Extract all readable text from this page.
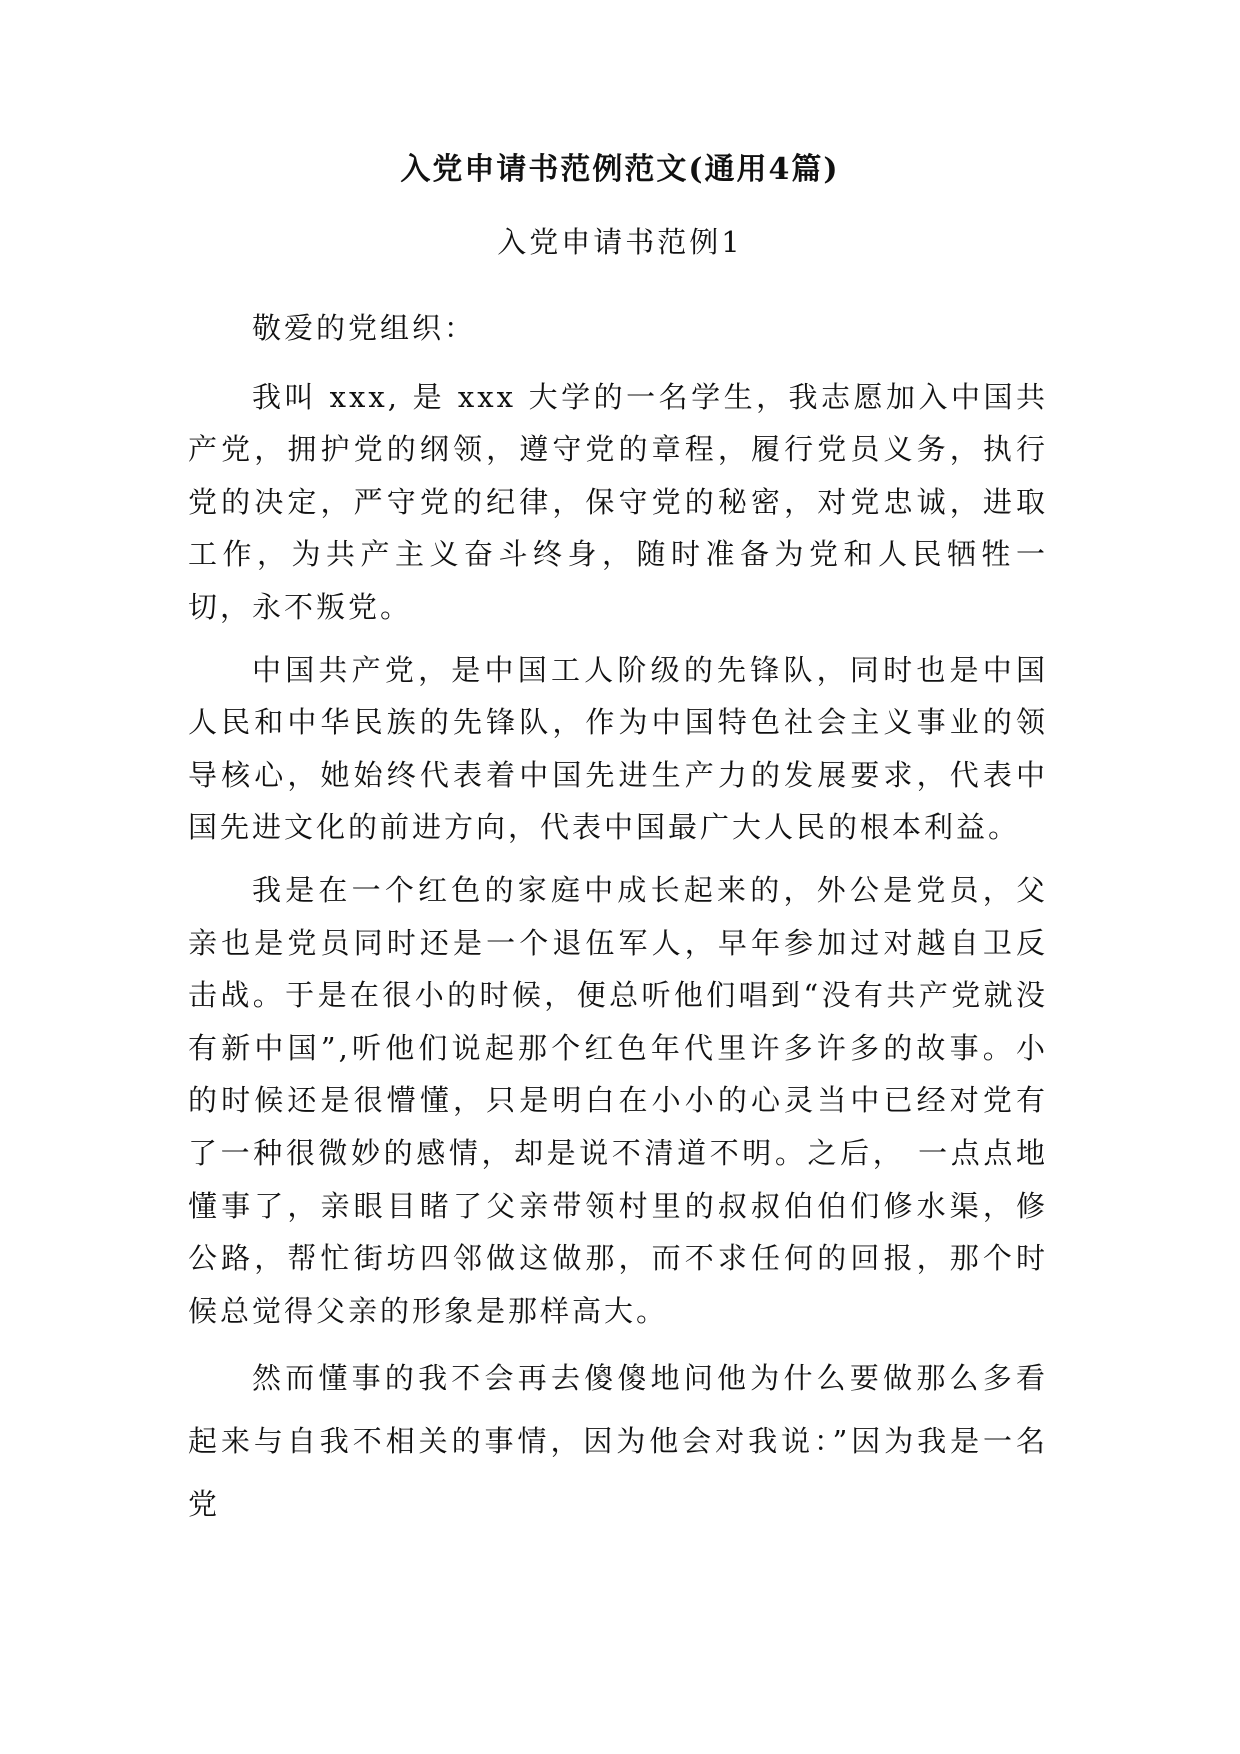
入党申请书范例范文(通用4篇)
入党申请书范例1

敬爱的党组织：

我叫 xxx, 是 xxx 大学的一名学生，我志愿加入中国共产党，拥护党的纲领，遵守党的章程，履行党员义务，执行党的决定，严守党的纪律，保守党的秘密，对党忠诚，进取工作，为共产主义奋斗终身，随时准备为党和人民牺牲一切，永不叛党。

中国共产党，是中国工人阶级的先锋队，同时也是中国人民和中华民族的先锋队，作为中国特色社会主义事业的领导核心，她始终代表着中国先进生产力的发展要求，代表中国先进文化的前进方向，代表中国最广大人民的根本利益。

我是在一个红色的家庭中成长起来的，外公是党员，父亲也是党员同时还是一个退伍军人，早年参加过对越自卫反击战。于是在很小的时候，便总听他们唱到“没有共产党就没有新中国”,听他们说起那个红色年代里许多许多的故事。小的时候还是很懵懂，只是明白在小小的心灵当中已经对党有了一种很微妙的感情，却是说不清道不明。之后， 一点点地懂事了，亲眼目睹了父亲带领村里的叔叔伯伯们修水渠，修公路，帮忙街坊四邻做这做那，而不求任何的回报，那个时候总觉得父亲的形象是那样高大。

然而懂事的我不会再去傻傻地问他为什么要做那么多看起来与自我不相关的事情，因为他会对我说：”因为我是一名党
